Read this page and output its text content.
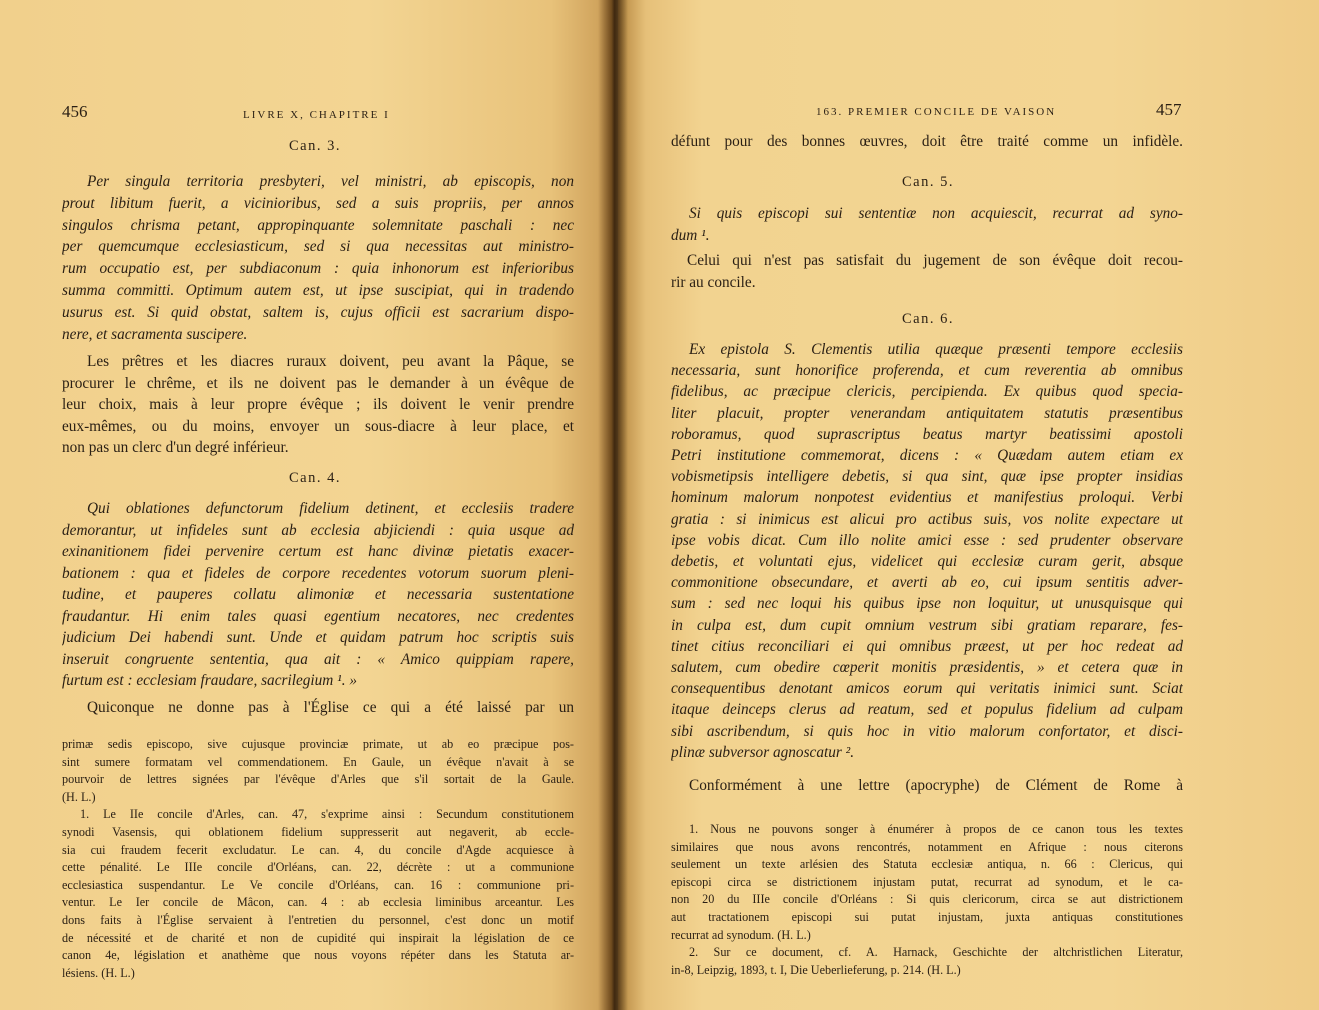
456	LIVRE X, CHAPITRE I
Can. 3.
Per singula territoria presbyteri, vel ministri, ab episcopis, non
prout libitum fuerit, a vicinioribus, sed a suis propriis, per annos
singulos chrisma petant, appropinquante solemnitate paschali : nec
per quemcumque ecclesiasticum, sed si qua necessitas aut ministro-
rum occupatio est, per subdiaconum : quia inhonorum est inferioribus
summa committi. Optimum autem est, ut ipse suscipiat, qui in tradendo
usurus est. Si quid obstat, saltem is, cujus officii est sacrarium dispo-
nere, et sacramenta suscipere.
Les prêtres et les diacres ruraux doivent, peu avant la Pâque, se
procurer le chrême, et ils ne doivent pas le demander à un évêque de
leur choix, mais à leur propre évêque ; ils doivent le venir prendre
eux-mêmes, ou du moins, envoyer un sous-diacre à leur place, et
non pas un clerc d'un degré inférieur.
Can. 4.
Qui oblationes defunctorum fidelium detinent, et ecclesiis tradere
demorantur, ut infideles sunt ab ecclesia abjiciendi : quia usque ad
exinanitionem fidei pervenire certum est hanc divinæ pietatis exacer-
bationem : qua et fideles de corpore recedentes votorum suorum pleni-
tudine, et pauperes collatu alimoniæ et necessaria sustentatione
fraudantur. Hi enim tales quasi egentium necatores, nec credentes
judicium Dei habendi sunt. Unde et quidam patrum hoc scriptis suis
inseruit congruente sententia, qua ait : « Amico quippiam rapere,
furtum est : ecclesiam fraudare, sacrilegium ¹. »
Quiconque ne donne pas à l'Église ce qui a été laissé par un
primæ sedis episcopo, sive cujusque provinciæ primate, ut ab eo præcipue pos-
sint sumere formatam vel commendationem. En Gaule, un évêque n'avait à se
pourvoir de lettres signées par l'évêque d'Arles que s'il sortait de la Gaule.
(H. L.)
1. Le IIe concile d'Arles, can. 47, s'exprime ainsi : Secundum constitutionem
synodi Vasensis, qui oblationem fidelium suppresserit aut negaverit, ab eccle-
sia cui fraudem fecerit excludatur. Le can. 4, du concile d'Agde acquiesce à
cette pénalité. Le IIIe concile d'Orléans, can. 22, décrète : ut a communione
ecclesiastica suspendantur. Le Ve concile d'Orléans, can. 16 : communione pri-
ventur. Le Ier concile de Mâcon, can. 4 : ab ecclesia liminibus arceantur. Les
dons faits à l'Église servaient à l'entretien du personnel, c'est donc un motif
de nécessité et de charité et non de cupidité qui inspirait la législation de ce
canon 4e, législation et anathème que nous voyons répéter dans les Statuta ar-
lésiens. (H. L.)
163. PREMIER CONCILE DE VAISON	457
défunt pour des bonnes œuvres, doit être traité comme un infidèle.
Can. 5.
Si quis episcopi sui sententiæ non acquiescit, recurrat ad syno-
dum ¹.
Celui qui n'est pas satisfait du jugement de son évêque doit recou-
rir au concile.
Can. 6.
Ex epistola S. Clementis utilia quæque præsenti tempore ecclesiis
necessaria, sunt honorifice proferenda, et cum reverentia ab omnibus
fidelibus, ac præcipue clericis, percipienda. Ex quibus quod specia-
liter placuit, propter venerandam antiquitatem statutis præsentibus
roboramus, quod suprascriptus beatus martyr beatissimi apostoli
Petri institutione commemorat, dicens : « Quædam autem etiam ex
vobismetipsis intelligere debetis, si qua sint, quæ ipse propter insidias
hominum malorum nonpotest evidentius et manifestius proloqui. Verbi
gratia : si inimicus est alicui pro actibus suis, vos nolite expectare ut
ipse vobis dicat. Cum illo nolite amici esse : sed prudenter observare
debetis, et voluntati ejus, videlicet qui ecclesiæ curam gerit, absque
commonitione obsecundare, et averti ab eo, cui ipsum sentitis adver-
sum : sed nec loqui his quibus ipse non loquitur, ut unusquisque qui
in culpa est, dum cupit omnium vestrum sibi gratiam reparare, fes-
tinet citius reconciliari ei qui omnibus præest, ut per hoc redeat ad
salutem, cum obedire cœperit monitis præsidentis, » et cetera quæ in
consequentibus denotant amicos eorum qui veritatis inimici sunt. Sciat
itaque deinceps clerus ad reatum, sed et populus fidelium ad culpam
sibi ascribendum, si quis hoc in vitio malorum confortator, et disci-
plinæ subversor agnoscatur ².
Conformément à une lettre (apocryphe) de Clément de Rome à
1. Nous ne pouvons songer à énumérer à propos de ce canon tous les textes
similaires que nous avons rencontrés, notamment en Afrique : nous citerons
seulement un texte arlésien des Statuta ecclesiæ antiqua, n. 66 : Clericus, qui
episcopi circa se districtionem injustam putat, recurrat ad synodum, et le ca-
non 20 du IIIe concile d'Orléans : Si quis clericorum, circa se aut districtionem
aut tractationem episcopi sui putat injustam, juxta antiquas constitutiones
recurrat ad synodum. (H. L.)
2. Sur ce document, cf. A. Harnack, Geschichte der altchristlichen Literatur,
in-8, Leipzig, 1893, t. I, Die Ueberlieferung, p. 214. (H. L.)
